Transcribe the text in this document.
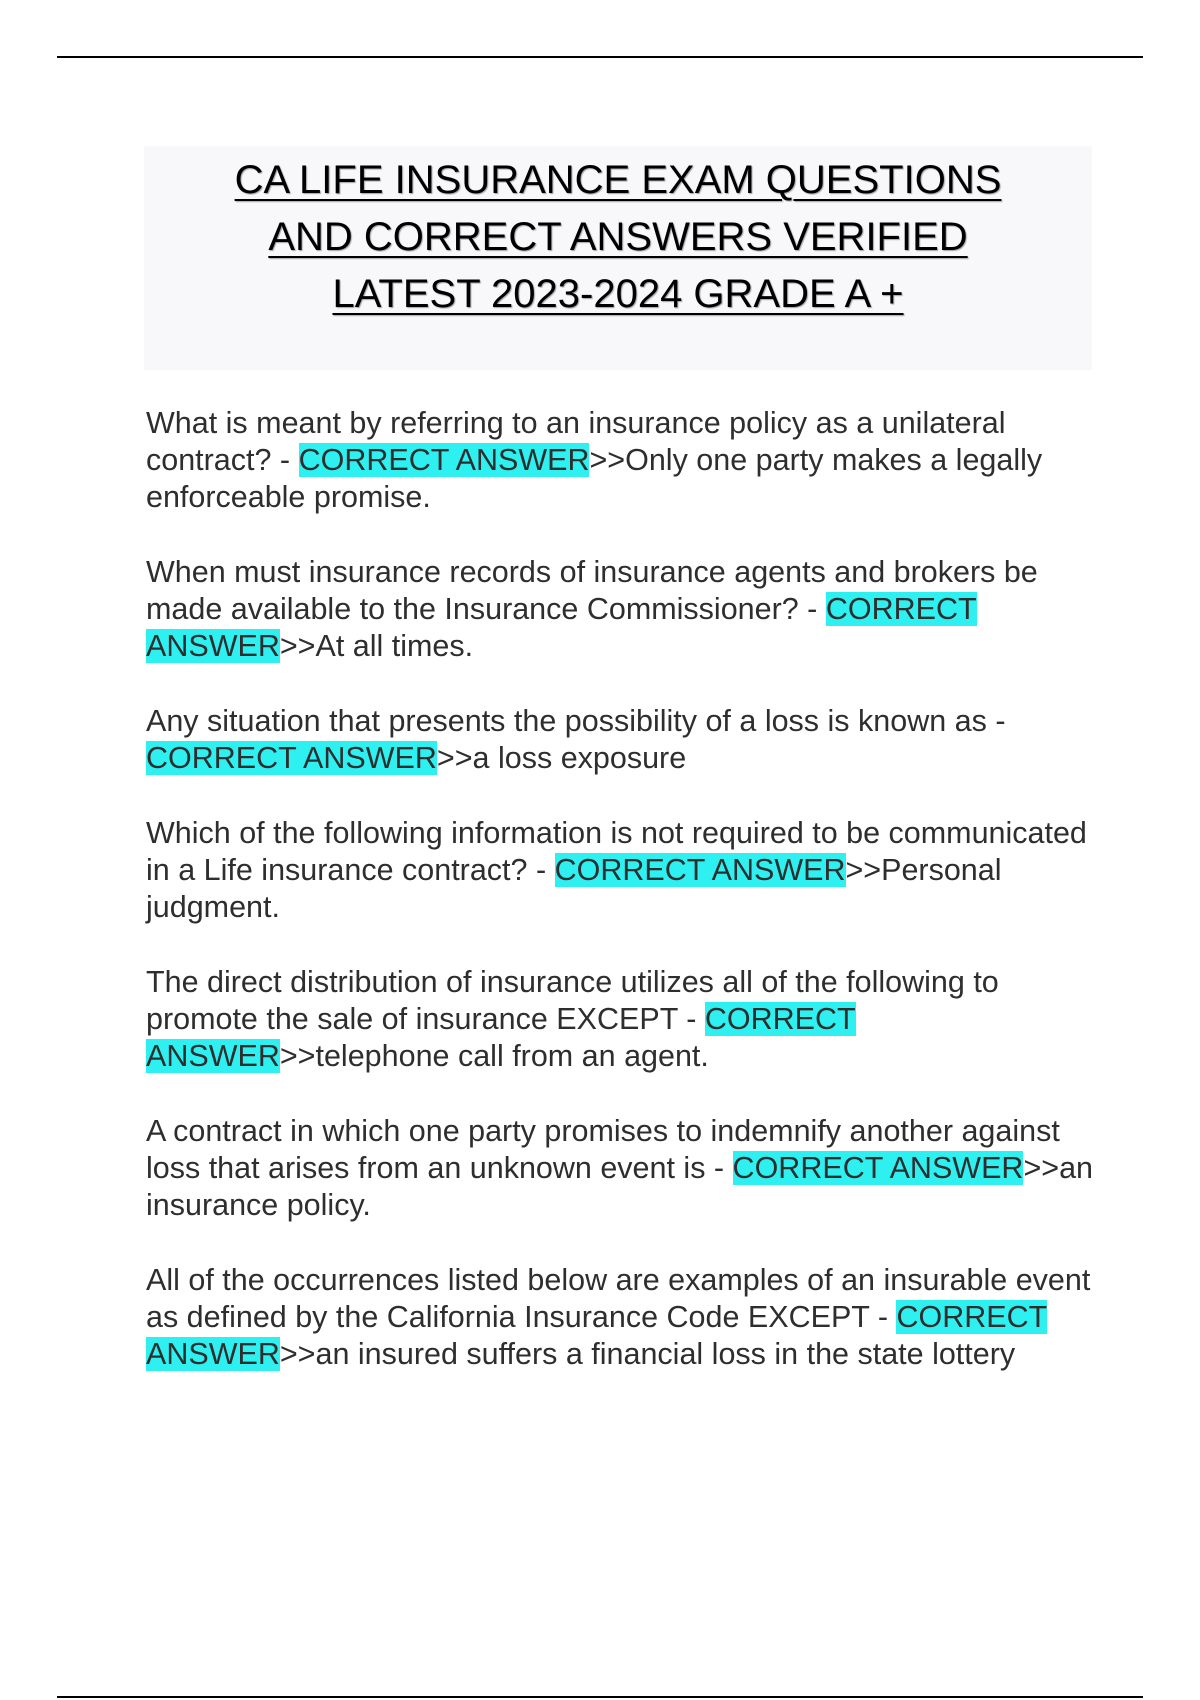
CA LIFE INSURANCE EXAM QUESTIONS
AND CORRECT ANSWERS VERIFIED
LATEST 2023-2024 GRADE A +

What is meant by referring to an insurance policy as a unilateral contract? - CORRECT ANSWER>>Only one party makes a legally enforceable promise.

When must insurance records of insurance agents and brokers be made available to the Insurance Commissioner? - CORRECT ANSWER>>At all times.

Any situation that presents the possibility of a loss is known as - CORRECT ANSWER>>a loss exposure

Which of the following information is not required to be communicated in a Life insurance contract? - CORRECT ANSWER>>Personal judgment.

The direct distribution of insurance utilizes all of the following to promote the sale of insurance EXCEPT - CORRECT ANSWER>>telephone call from an agent.

A contract in which one party promises to indemnify another against loss that arises from an unknown event is - CORRECT ANSWER>>an insurance policy.

All of the occurrences listed below are examples of an insurable event as defined by the California Insurance Code EXCEPT - CORRECT ANSWER>>an insured suffers a financial loss in the state lottery
